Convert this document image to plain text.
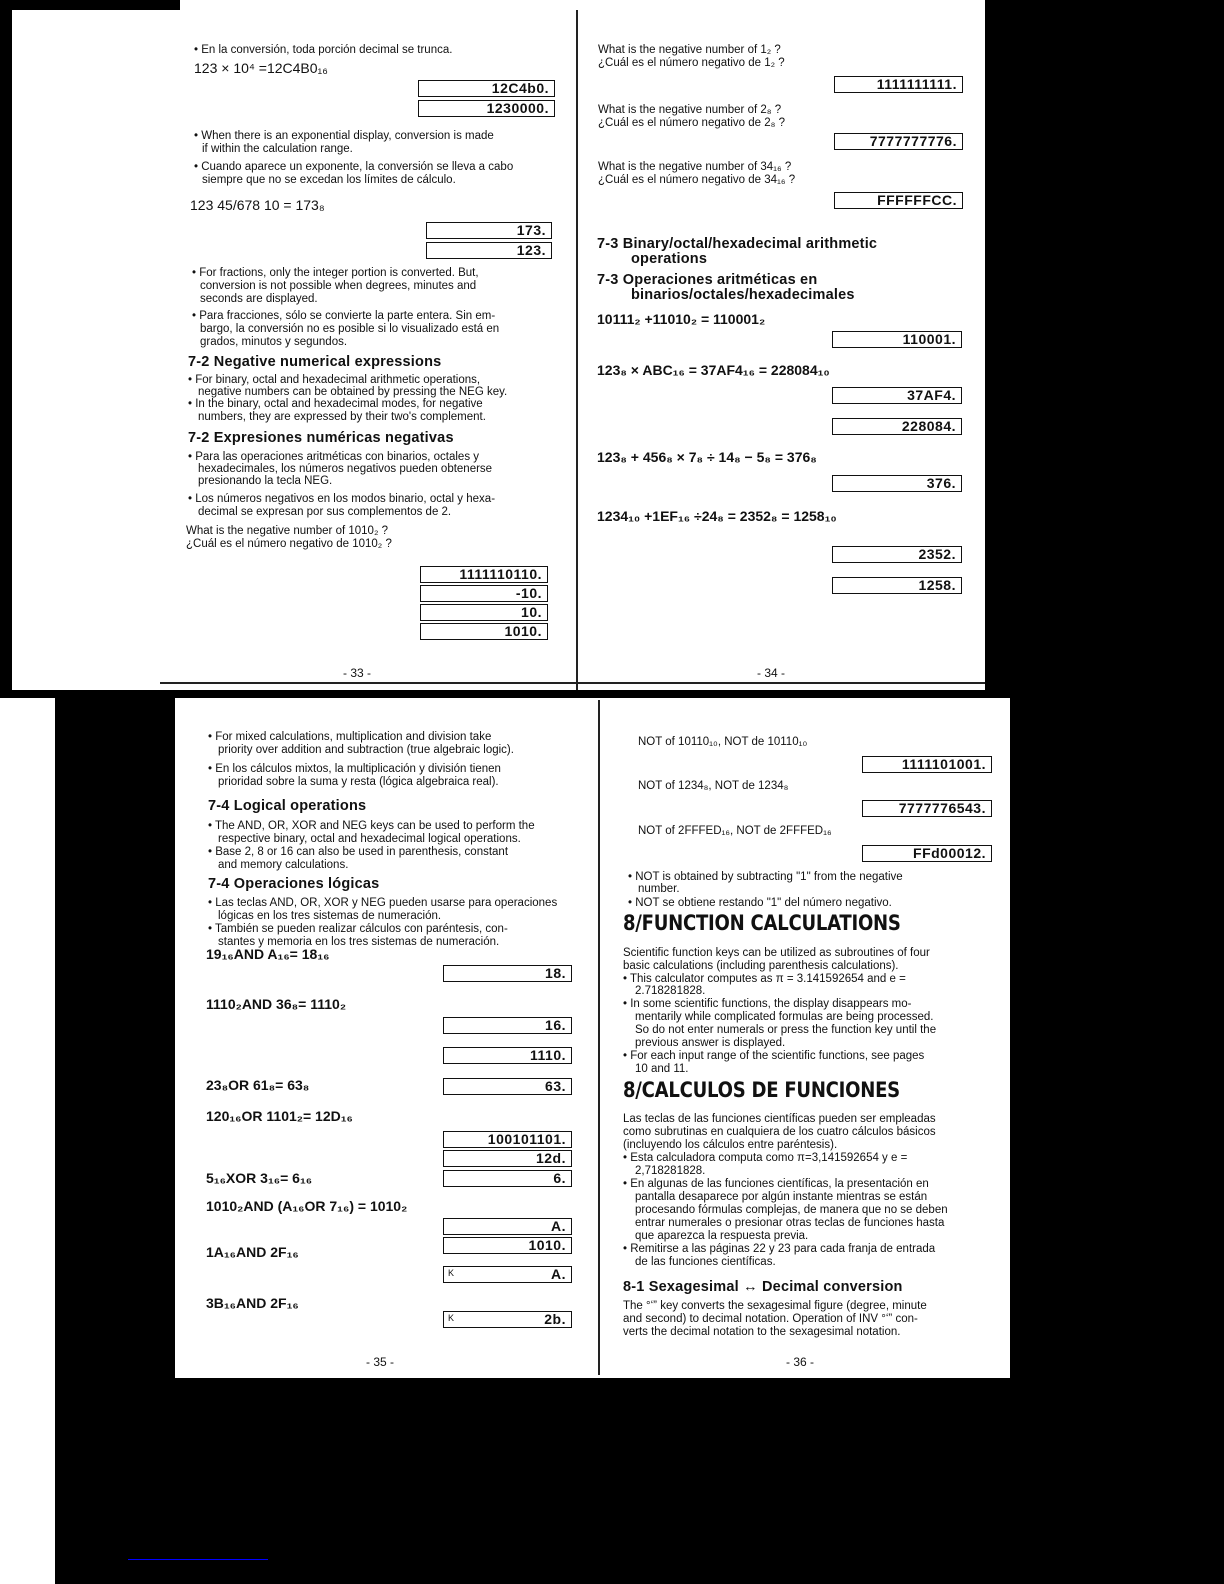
• En la conversión, toda porción decimal se trunca.
123 × 10⁴ =12C4B0₁₆
12C4b0.
1230000.
• When there is an exponential display, conversion is made
if within the calculation range.
• Cuando aparece un exponente, la conversión se lleva a cabo
siempre que no se excedan los límites de cálculo.
123 45/678 10 = 173₈
173.
123.
• For fractions, only the integer portion is converted. But,
conversion is not possible when degrees, minutes and
seconds are displayed.
• Para fracciones, sólo se convierte la parte entera. Sin em-
bargo, la conversión no es posible si lo visualizado está en
grados, minutos y segundos.
7-2 Negative numerical expressions
• For binary, octal and hexadecimal arithmetic operations,
negative numbers can be obtained by pressing the NEG key.
• In the binary, octal and hexadecimal modes, for negative
numbers, they are expressed by their two's complement.
7-2 Expresiones numéricas negativas
• Para las operaciones aritméticas con binarios, octales y
hexadecimales, los números negativos pueden obtenerse
presionando la tecla NEG.
• Los números negativos en los modos binario, octal y hexa-
decimal se expresan por sus complementos de 2.
What is the negative number of 1010₂ ?
¿Cuál es el número negativo de 1010₂ ?
1111110110.
-10.
10.
1010.
- 33 -
What is the negative number of 1₂ ?
¿Cuál es el número negativo de 1₂ ?
1111111111.
What is the negative number of 2₈ ?
¿Cuál es el número negativo de 2₈ ?
7777777776.
What is the negative number of 34₁₆ ?
¿Cuál es el número negativo de 34₁₆ ?
FFFFFFCC.
7-3 Binary/octal/hexadecimal arithmetic
operations
7-3 Operaciones aritméticas en
binarios/octales/hexadecimales
10111₂ +11010₂ = 110001₂
110001.
123₈ × ABC₁₆ = 37AF4₁₆ = 228084₁₀
37AF4.
228084.
123₈ + 456₈ × 7₈ ÷ 14₈ − 5₈ = 376₈
376.
1234₁₀ +1EF₁₆ ÷24₈ = 2352₈ = 1258₁₀
2352.
1258.
- 34 -
• For mixed calculations, multiplication and division take
priority over addition and subtraction (true algebraic logic).
• En los cálculos mixtos, la multiplicación y división tienen
prioridad sobre la suma y resta (lógica algebraica real).
7-4 Logical operations
• The AND, OR, XOR and NEG keys can be used to perform the
respective binary, octal and hexadecimal logical operations.
• Base 2, 8 or 16 can also be used in parenthesis, constant
and memory calculations.
7-4 Operaciones lógicas
• Las teclas AND, OR, XOR y NEG pueden usarse para operaciones
lógicas en los tres sistemas de numeración.
• También se pueden realizar cálculos con paréntesis, con-
stantes y memoria en los tres sistemas de numeración.
19₁₆AND A₁₆= 18₁₆
18.
1110₂AND 36₈= 1110₂
16.
1110.
23₈OR 61₈= 63₈	63.
120₁₆OR 1101₂= 12D₁₆
100101101.
12d.
5₁₆XOR 3₁₆= 6₁₆	6.
1010₂AND (A₁₆OR 7₁₆) = 1010₂
A.
1010.
1A₁₆AND 2F₁₆
K	A.
3B₁₆AND 2F₁₆
K	2b.
- 35 -
NOT of 10110₁₀, NOT de 10110₁₀
1111101001.
NOT of 1234₈, NOT de 1234₈
7777776543.
NOT of 2FFFED₁₆, NOT de 2FFFED₁₆
FFd00012.
• NOT is obtained by subtracting "1" from the negative
number.
• NOT se obtiene restando "1" del número negativo.
8/FUNCTION CALCULATIONS
Scientific function keys can be utilized as subroutines of four
basic calculations (including parenthesis calculations).
• This calculator computes as π = 3.141592654 and e =
2.718281828.
• In some scientific functions, the display disappears mo-
mentarily while complicated formulas are being processed.
So do not enter numerals or press the function key until the
previous answer is displayed.
• For each input range of the scientific functions, see pages
10 and 11.
8/CALCULOS DE FUNCIONES
Las teclas de las funciones científicas pueden ser empleadas
como subrutinas en cualquiera de los cuatro cálculos básicos
(incluyendo los cálculos entre paréntesis).
• Esta calculadora computa como π=3,141592654 y e =
2,718281828.
• En algunas de las funciones científicas, la presentación en
pantalla desaparece por algún instante mientras se están
procesando fórmulas complejas, de manera que no se deben
entrar numerales o presionar otras teclas de funciones hasta
que aparezca la respuesta previa.
• Remitirse a las páginas 22 y 23 para cada franja de entrada
de las funciones científicas.
8-1 Sexagesimal ↔ Decimal conversion
The °‘” key converts the sexagesimal figure (degree, minute
and second) to decimal notation. Operation of INV °‘” con-
verts the decimal notation to the sexagesimal notation.
- 36 -
